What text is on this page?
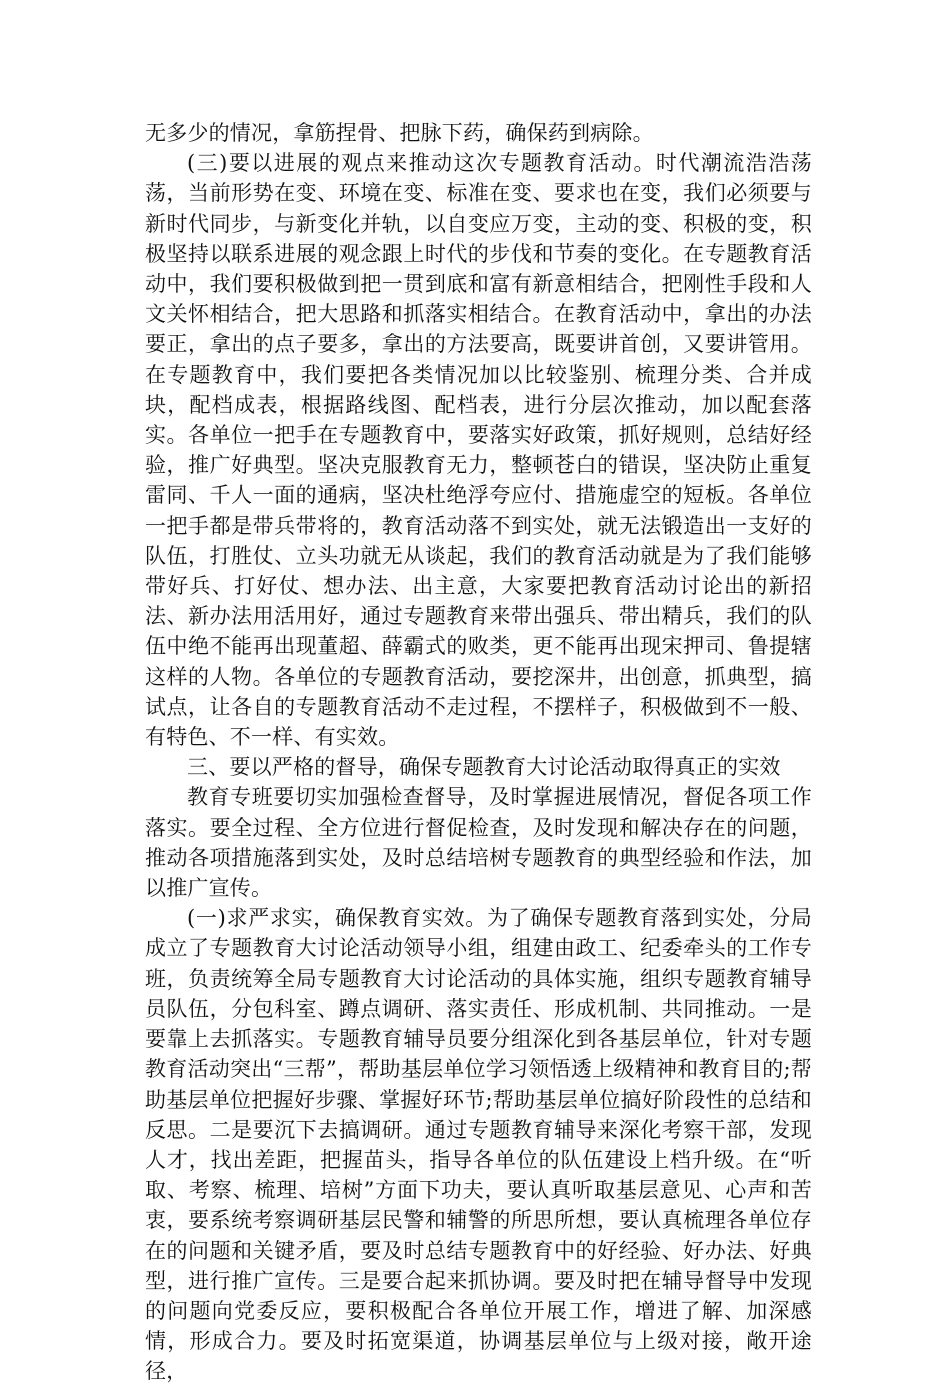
无多少的情况，拿筋捏骨、把脉下药，确保药到病除。

(三)要以进展的观点来推动这次专题教育活动。时代潮流浩浩荡荡，当前形势在变、环境在变、标准在变、要求也在变，我们必须要与新时代同步，与新变化并轨，以自变应万变，主动的变、积极的变，积极坚持以联系进展的观念跟上时代的步伐和节奏的变化。在专题教育活动中，我们要积极做到把一贯到底和富有新意相结合，把刚性手段和人文关怀相结合，把大思路和抓落实相结合。在教育活动中，拿出的办法要正，拿出的点子要多，拿出的方法要高，既要讲首创，又要讲管用。在专题教育中，我们要把各类情况加以比较鉴别、梳理分类、合并成块，配档成表，根据路线图、配档表，进行分层次推动，加以配套落实。各单位一把手在专题教育中，要落实好政策，抓好规则，总结好经验，推广好典型。坚决克服教育无力，整顿苍白的错误，坚决防止重复雷同、千人一面的通病，坚决杜绝浮夸应付、措施虚空的短板。各单位一把手都是带兵带将的，教育活动落不到实处，就无法锻造出一支好的队伍，打胜仗、立头功就无从谈起，我们的教育活动就是为了我们能够带好兵、打好仗、想办法、出主意，大家要把教育活动讨论出的新招法、新办法用活用好，通过专题教育来带出强兵、带出精兵，我们的队伍中绝不能再出现董超、薛霸式的败类，更不能再出现宋押司、鲁提辖这样的人物。各单位的专题教育活动，要挖深井，出创意，抓典型，搞试点，让各自的专题教育活动不走过程，不摆样子，积极做到不一般、有特色、不一样、有实效。

三、要以严格的督导，确保专题教育大讨论活动取得真正的实效

教育专班要切实加强检查督导，及时掌握进展情况，督促各项工作落实。要全过程、全方位进行督促检查，及时发现和解决存在的问题，推动各项措施落到实处，及时总结培树专题教育的典型经验和作法，加以推广宣传。

(一)求严求实，确保教育实效。为了确保专题教育落到实处，分局成立了专题教育大讨论活动领导小组，组建由政工、纪委牵头的工作专班，负责统筹全局专题教育大讨论活动的具体实施，组织专题教育辅导员队伍，分包科室、蹲点调研、落实责任、形成机制、共同推动。一是要靠上去抓落实。专题教育辅导员要分组深化到各基层单位，针对专题教育活动突出“三帮”，帮助基层单位学习领悟透上级精神和教育目的;帮助基层单位把握好步骤、掌握好环节;帮助基层单位搞好阶段性的总结和反思。二是要沉下去搞调研。通过专题教育辅导来深化考察干部，发现人才，找出差距，把握苗头，指导各单位的队伍建设上档升级。在“听取、考察、梳理、培树”方面下功夫，要认真听取基层意见、心声和苦衷，要系统考察调研基层民警和辅警的所思所想，要认真梳理各单位存在的问题和关键矛盾，要及时总结专题教育中的好经验、好办法、好典型，进行推广宣传。三是要合起来抓协调。要及时把在辅导督导中发现的问题向党委反应，要积极配合各单位开展工作，增进了解、加深感情，形成合力。要及时拓宽渠道，协调基层单位与上级对接，敞开途径，
